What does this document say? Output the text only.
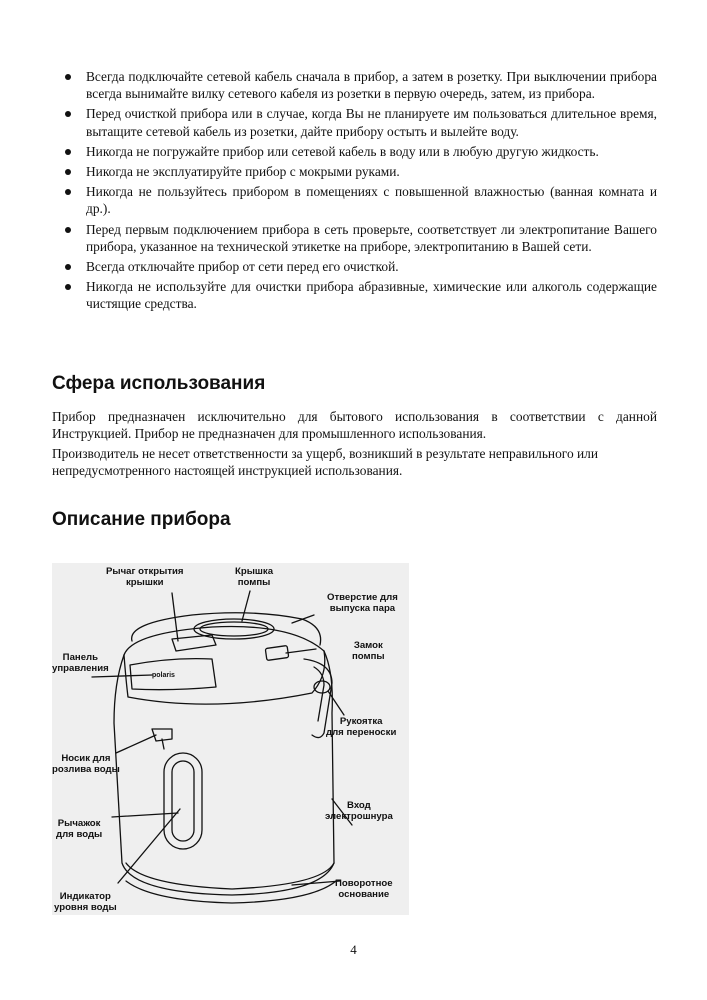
Всегда подключайте сетевой кабель сначала в прибор, а затем в розетку. При выключении прибора всегда вынимайте вилку сетевого кабеля из розетки в первую очередь, затем, из прибора.
Перед очисткой прибора или в случае, когда Вы не планируете им пользоваться длительное время, вытащите сетевой кабель из розетки, дайте прибору остыть и вылейте воду.
Никогда не погружайте прибор или сетевой кабель в воду или в любую другую жидкость.
Никогда не эксплуатируйте прибор с мокрыми руками.
Никогда не пользуйтесь прибором в помещениях с повышенной влажностью (ванная комната и др.).
Перед первым подключением прибора в сеть проверьте, соответствует ли электропитание Вашего прибора, указанное на технической этикетке на приборе, электропитанию в Вашей сети.
Всегда отключайте прибор от сети перед его очисткой.
Никогда не используйте для очистки прибора абразивные, химические или алкоголь содержащие чистящие средства.
Сфера использования

Прибор предназначен исключительно для бытового использования в соответствии с данной Инструкцией. Прибор не предназначен для промышленного использования.

Производитель не несет ответственности за ущерб, возникший в результате неправильного или непредусмотренного настоящей инструкцией использования.

Описание прибора
polaris
Рычаг открытия
крышки
Крышка
помпы
Отверстие для
выпуска пара
Замок
помпы
Панель
управления
Рукоятка
для переноски
Носик для
розлива воды
Вход
электрошнура
Рычажок
для воды
Поворотное
основание
Индикатор
уровня воды
4
